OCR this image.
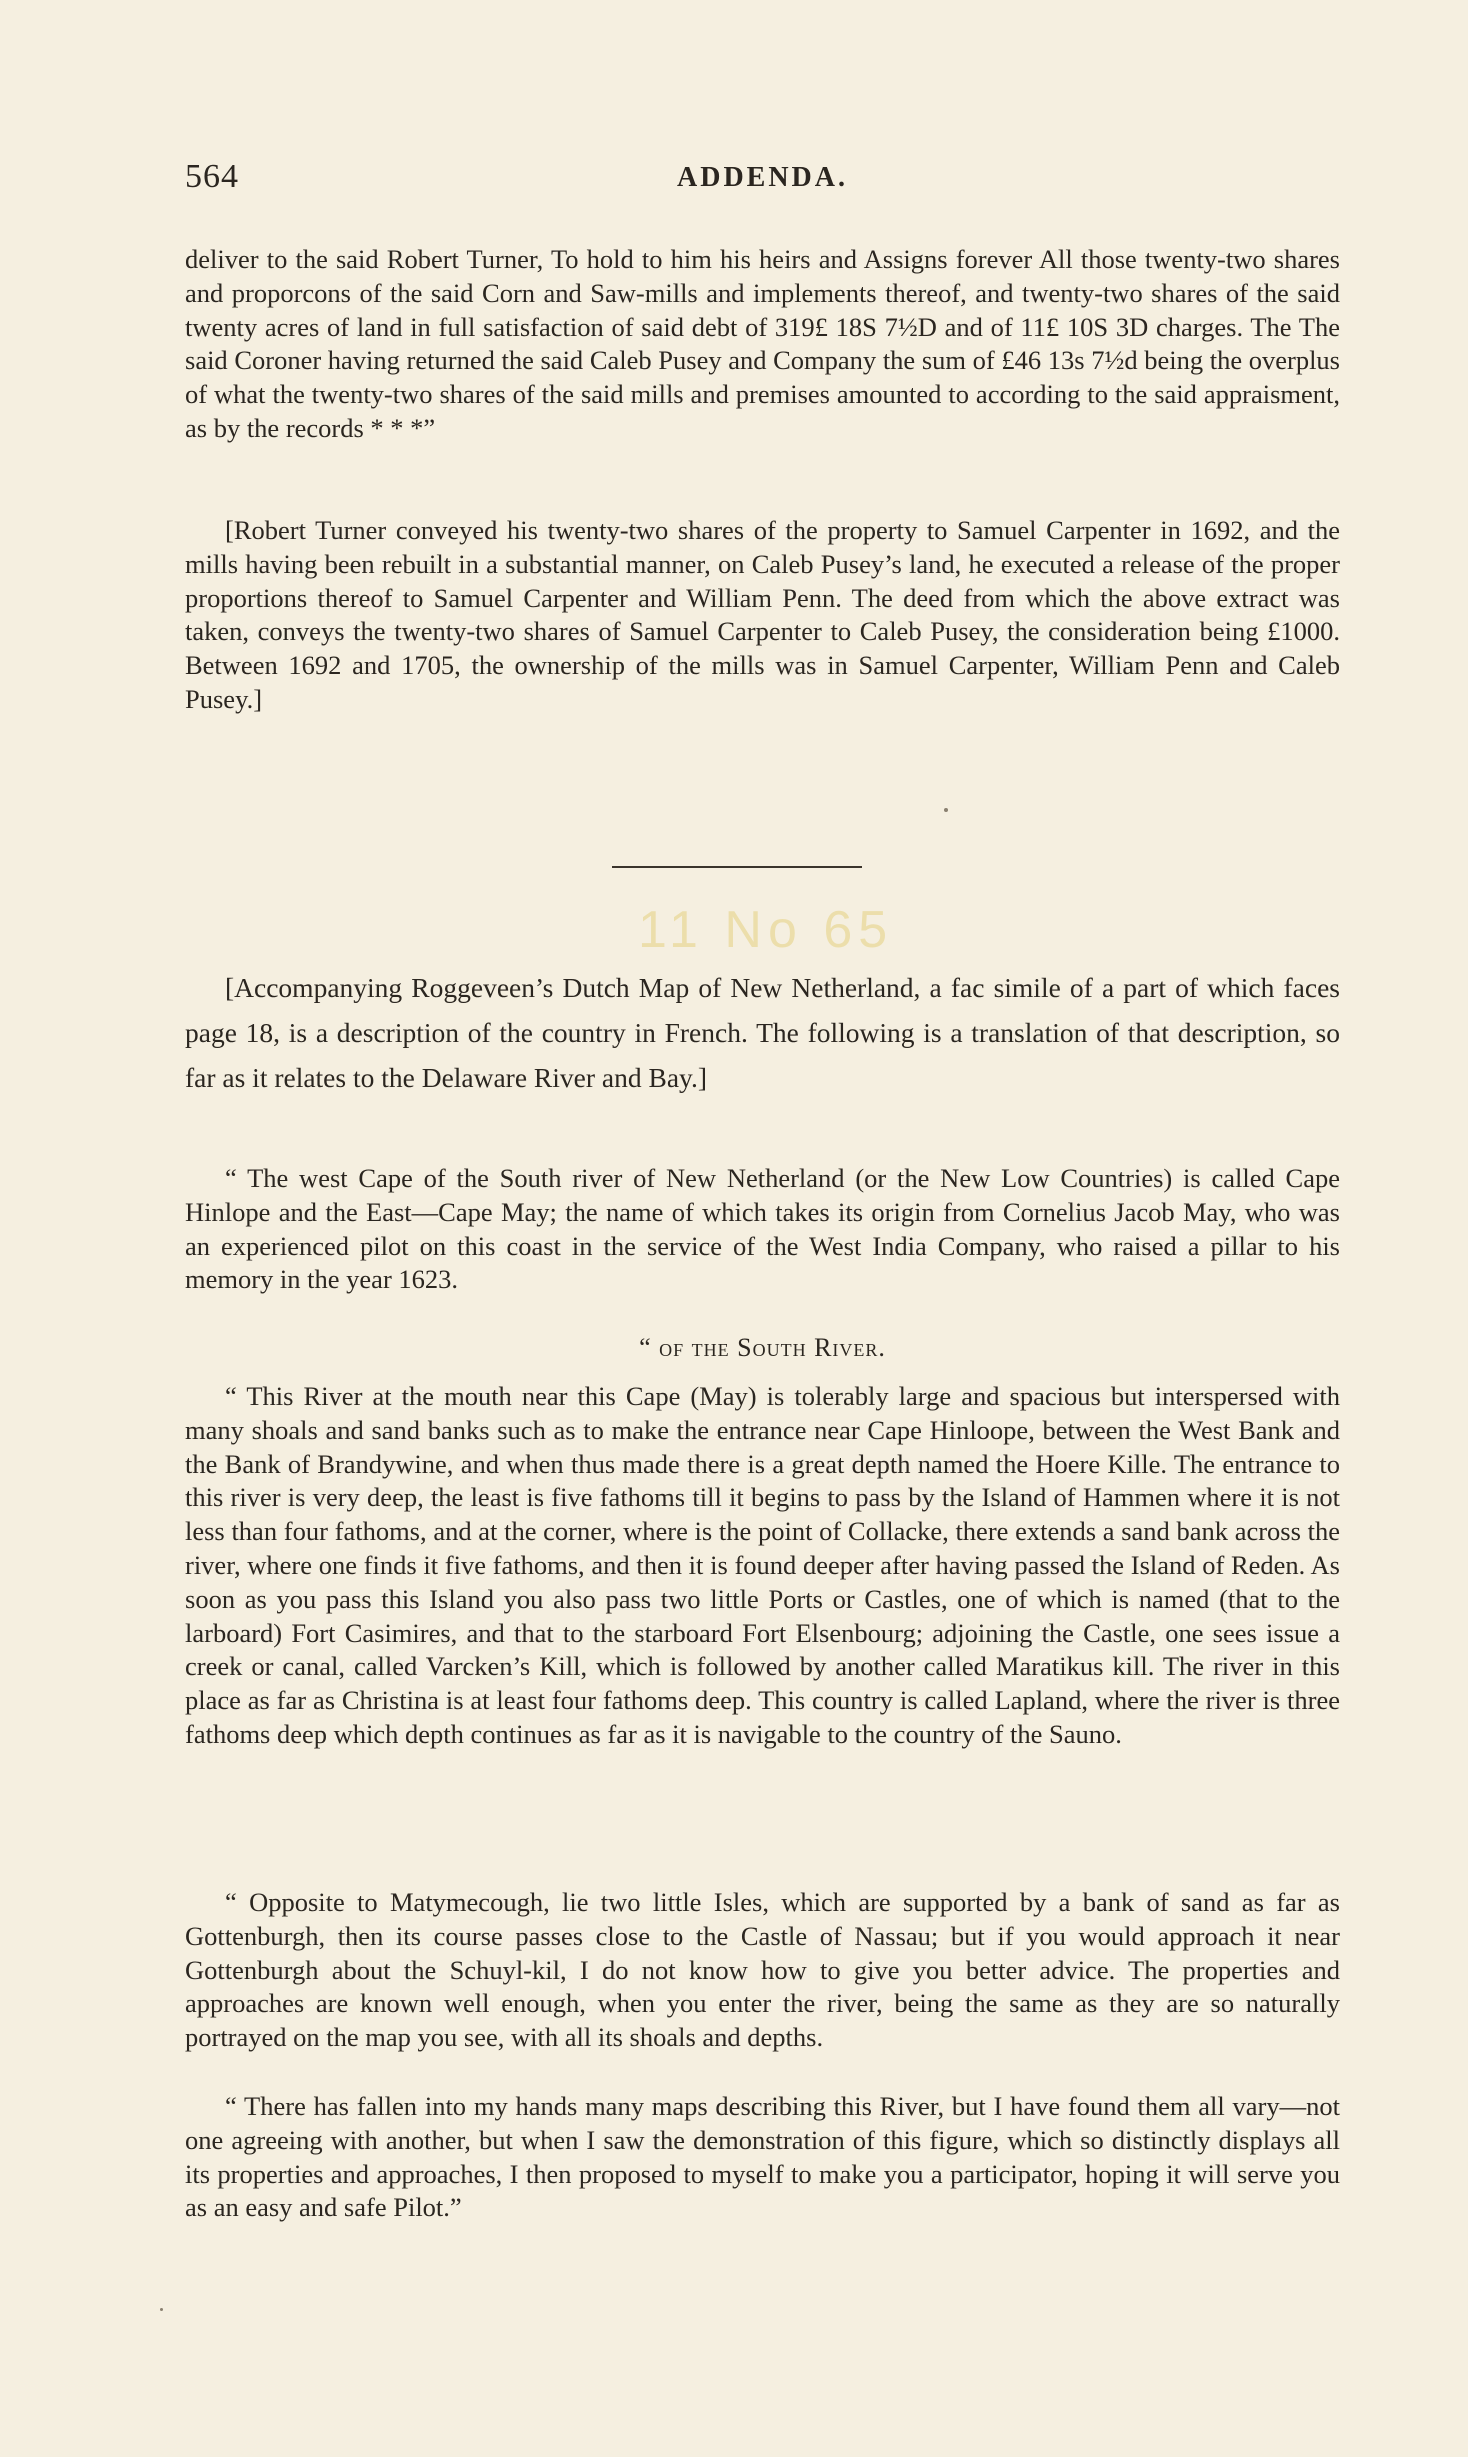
564	ADDENDA.

deliver to the said Robert Turner, To hold to him his heirs and Assigns forever All those twenty-two shares and proporcons of the said Corn and Saw-mills and implements thereof, and twenty-two shares of the said twenty acres of land in full satisfaction of said debt of 319£ 18S 7½D and of 11£ 10S 3D charges. The The said Coroner having returned the said Caleb Pusey and Company the sum of £46 13s 7½d being the overplus of what the twenty-two shares of the said mills and premises amounted to according to the said appraisment, as by the records * * *”

[Robert Turner conveyed his twenty-two shares of the property to Samuel Carpenter in 1692, and the mills having been rebuilt in a substantial manner, on Caleb Pusey’s land, he executed a release of the proper proportions thereof to Samuel Carpenter and William Penn. The deed from which the above extract was taken, conveys the twenty-two shares of Samuel Carpenter to Caleb Pusey, the consideration being £1000. Between 1692 and 1705, the ownership of the mills was in Samuel Carpenter, William Penn and Caleb Pusey.]

11 No 65

[Accompanying Roggeveen’s Dutch Map of New Netherland, a fac simile of a part of which faces page 18, is a description of the country in French. The following is a translation of that description, so far as it relates to the Delaware River and Bay.]

“ The west Cape of the South river of New Netherland (or the New Low Countries) is called Cape Hinlope and the East—Cape May; the name of which takes its origin from Cornelius Jacob May, who was an experienced pilot on this coast in the service of the West India Company, who raised a pillar to his memory in the year 1623.

“ of the South River.

“ This River at the mouth near this Cape (May) is tolerably large and spacious but interspersed with many shoals and sand banks such as to make the entrance near Cape Hinloope, between the West Bank and the Bank of Brandywine, and when thus made there is a great depth named the Hoere Kille. The entrance to this river is very deep, the least is five fathoms till it begins to pass by the Island of Hammen where it is not less than four fathoms, and at the corner, where is the point of Collacke, there extends a sand bank across the river, where one finds it five fathoms, and then it is found deeper after having passed the Island of Reden. As soon as you pass this Island you also pass two little Ports or Castles, one of which is named (that to the larboard) Fort Casimires, and that to the starboard Fort Elsenbourg; adjoining the Castle, one sees issue a creek or canal, called Varcken’s Kill, which is followed by another called Maratikus kill. The river in this place as far as Christina is at least four fathoms deep. This country is called Lapland, where the river is three fathoms deep which depth continues as far as it is navigable to the country of the Sauno.

“ Opposite to Matymecough, lie two little Isles, which are supported by a bank of sand as far as Gottenburgh, then its course passes close to the Castle of Nassau; but if you would approach it near Gottenburgh about the Schuyl-kil, I do not know how to give you better advice. The properties and approaches are known well enough, when you enter the river, being the same as they are so naturally portrayed on the map you see, with all its shoals and depths.

“ There has fallen into my hands many maps describing this River, but I have found them all vary—not one agreeing with another, but when I saw the demonstration of this figure, which so distinctly displays all its properties and approaches, I then proposed to myself to make you a participator, hoping it will serve you as an easy and safe Pilot.”
